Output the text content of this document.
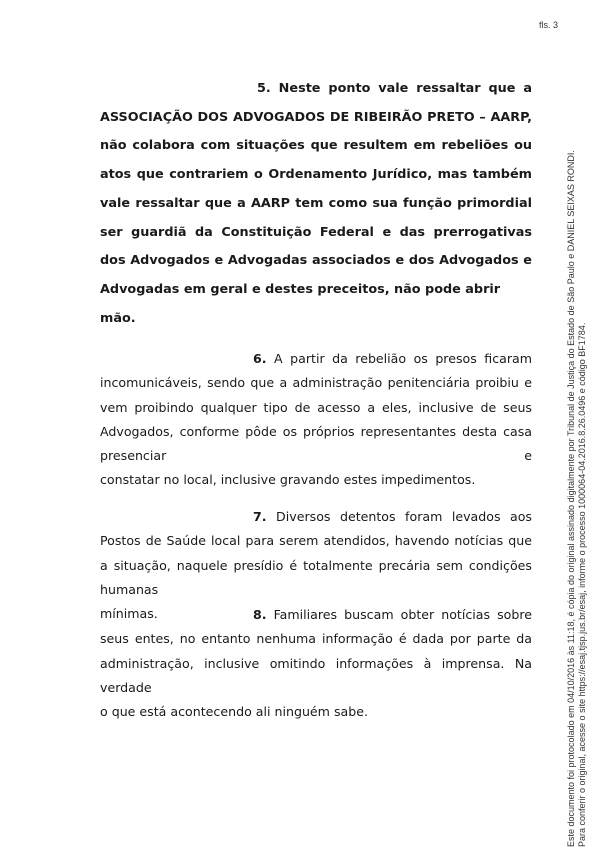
fls. 3

5. Neste ponto vale ressaltar que a ASSOCIAÇÃO DOS ADVOGADOS DE RIBEIRÃO PRETO – AARP, não colabora com situações que resultem em rebeliões ou atos que contrariem o Ordenamento Jurídico, mas também vale ressaltar que a AARP tem como sua função primordial ser guardiã da Constituição Federal e das prerrogativas dos Advogados e Advogadas associados e dos Advogados e
Advogadas em geral e destes preceitos, não pode abrir mão.

6. A partir da rebelião os presos ficaram incomunicáveis, sendo que a administração penitenciária proibiu e vem proibindo qualquer tipo de acesso a eles, inclusive de seus Advogados, conforme pôde os próprios representantes desta casa presenciar e
constatar no local, inclusive gravando estes impedimentos.

7. Diversos detentos foram levados aos Postos de Saúde local para serem atendidos, havendo notícias que a situação, naquele presídio é totalmente precária sem condições humanas
mínimas.	8. Familiares buscam obter notícias sobre seus entes, no entanto nenhuma informação é dada por parte da administração, inclusive omitindo informações à imprensa. Na verdade
o que está acontecendo ali ninguém sabe.	Este documento foi protocolado em 04/10/2016 às 11:18, é cópia do original assinado digitalmente por Tribunal de Justiça do Estado de São Paulo e DANIEL SEIXAS RONDI. Para conferir o original, acesse o site https://esaj.tjsp.jus.br/esaj, informe o processo 1000064-04.2016.8.26.0496 e código BF1784.
